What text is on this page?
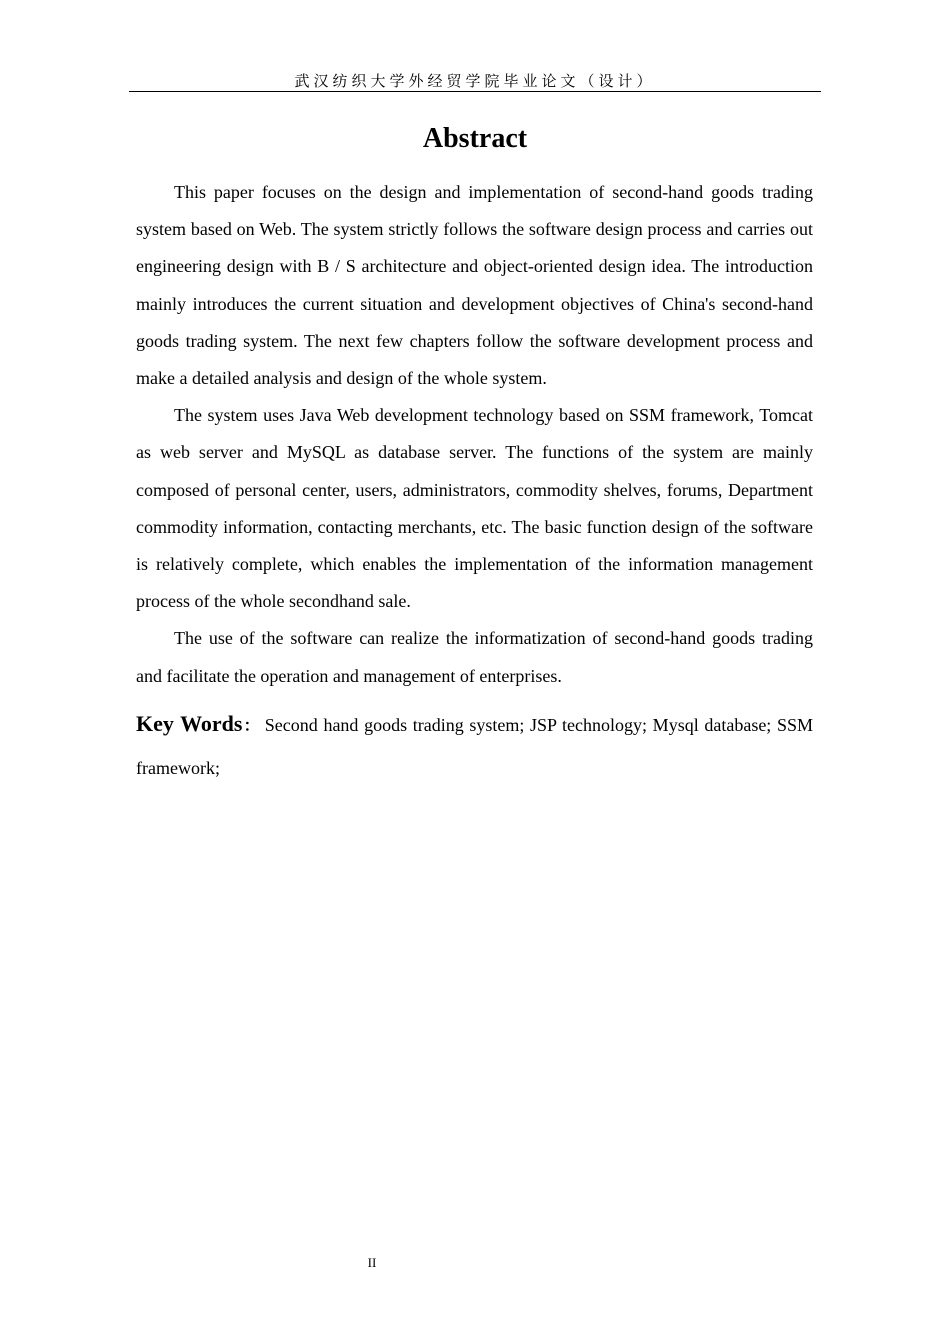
武汉纺织大学外经贸学院毕业论文（设计）
Abstract

This paper focuses on the design and implementation of second-hand goods trading system based on Web. The system strictly follows the software design process and carries out engineering design with B / S architecture and object-oriented design idea. The introduction mainly introduces the current situation and development objectives of China's second-hand goods trading system. The next few chapters follow the software development process and make a detailed analysis and design of the whole system.

The system uses Java Web development technology based on SSM framework, Tomcat as web server and MySQL as database server. The functions of the system are mainly composed of personal center, users, administrators, commodity shelves, forums, Department commodity information, contacting merchants, etc. The basic function design of the software is relatively complete, which enables the implementation of the information management process of the whole secondhand sale.

The use of the software can realize the informatization of second-hand goods trading and facilitate the operation and management of enterprises.

Key Words： Second hand goods trading system; JSP technology; Mysql database; SSM framework;

II
